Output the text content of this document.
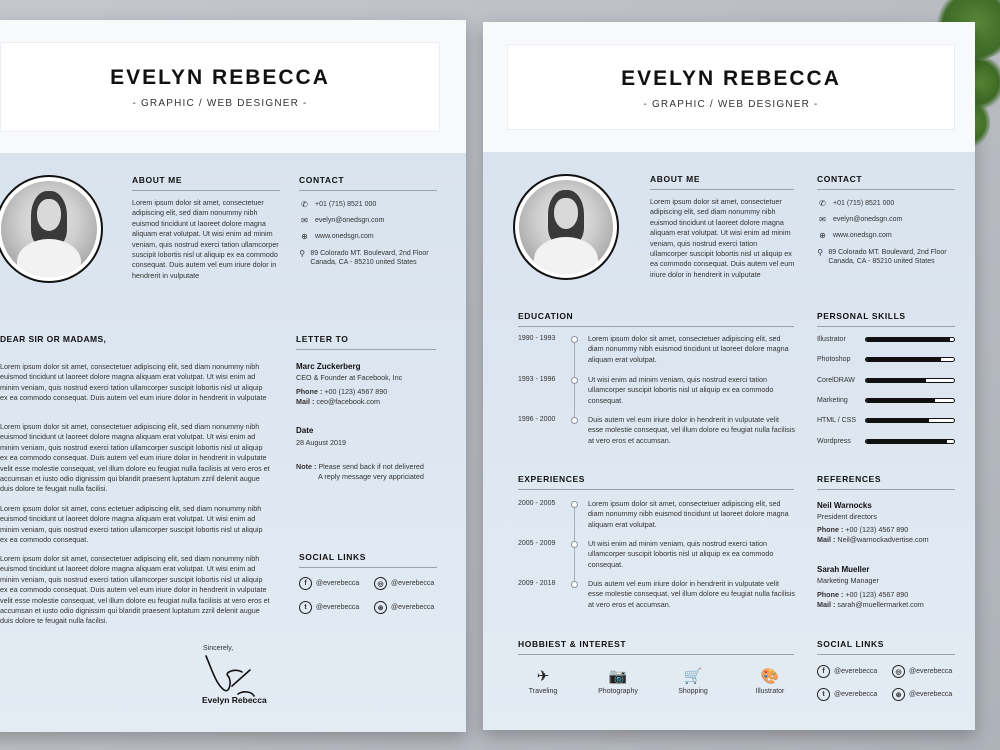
EVELYN REBECCA
- GRAPHIC / WEB DESIGNER -
ABOUT ME
Lorem ipsum dolor sit amet, consectetuer adipiscing elit, sed diam nonummy nibh euismod tincidunt ut laoreet dolore magna aliquam erat volutpat. Ut wisi enim ad minim veniam, quis nostrud exerci tation ullamcorper suscipit lobortis nisl ut aliquip ex ea commodo consequat. Duis autem vel eum iriure dolor in hendrerit in vulputate
CONTACT
✆	+01 (715) 8521 000
✉	evelyn@onedsgn.com
⊕	www.onedsgn.com
⚲ 89 Colorado MT. Boulevard, 2nd Floor Canada, CA - 85210 united States
DEAR SIR OR MADAMS,
Lorem ipsum dolor sit amet, consectetuer adipiscing elit, sed diam nonummy nibh euismod tincidunt ut laoreet dolore magna aliquam erat volutpat. Ut wisi enim ad minim veniam, quis nostrud exerci tation ullamcorper suscipit lobortis nisl ut aliquip ex ea commodo consequat. Duis autem vel eum iriure dolor in hendrerit in vulputate
Lorem ipsum dolor sit amet, consectetuer adipiscing elit, sed diam nonummy nibh euismod tincidunt ut laoreet dolore magna aliquam erat volutpat. Ut wisi enim ad minim veniam, quis nostrud exerci tation ullamcorper suscipit lobortis nisl ut aliquip ex ea commodo consequat. Duis autem vel eum iriure dolor in hendrerit in vulputate velit esse molestie consequat, vel illum dolore eu feugiat nulla facilisis at vero eros et accumsan et iusto odio dignissim qui blandit praesent luptatum zzril delenit augue duis dolore te feugait nulla facilisi.
Lorem ipsum dolor sit amet, cons ectetuer adipiscing elit, sed diam nonummy nibh euismod tincidunt ut laoreet dolore magna aliquam erat volutpat. Ut wisi enim ad minim veniam, quis nostrud exerci tation ullamcorper suscipit lobortis nisl ut aliquip ex ea commodo consequat.
Lorem ipsum dolor sit amet, consectetuer adipiscing elit, sed diam nonummy nibh euismod tincidunt ut laoreet dolore magna aliquam erat volutpat. Ut wisi enim ad minim veniam, quis nostrud exerci tation ullamcorper suscipit lobortis nisl ut aliquip ex ea commodo consequat. Duis autem vel eum iriure dolor in hendrerit in vulputate velit esse molestie consequat, vel illum dolore eu feugiat nulla facilisis at vero eros et accumsan et iusto odio dignissim qui blandit praesent luptatum zzril delenit augue duis dolore te feugait nulla facilisi.
LETTER TO
Marc Zuckerberg
CEO & Founder at Facebook, Inc
Phone : +00 (123) 4567 890
Mail : ceo@facebook.com
Date
28 August 2019
Note : Please send back if not delivered
A reply message very appriciated
SOCIAL LINKS
f	@everebecca	◎	@everebecca
t	@everebecca	⊛	@everebecca
Sincerely,
Evelyn Rebecca
EVELYN REBECCA
- GRAPHIC / WEB DESIGNER -
ABOUT ME
Lorem ipsum dolor sit amet, consectetuer adipiscing elit, sed diam nonummy nibh euismod tincidunt ut laoreet dolore magna aliquam erat volutpat. Ut wisi enim ad minim veniam, quis nostrud exerci tation ullamcorper suscipit lobortis nisl ut aliquip ex ea commodo consequat. Duis autem vel eum iriure dolor in hendrerit in vulputate
CONTACT
✆	+01 (715) 8521 000
✉	evelyn@onedsgn.com
⊕	www.onedsgn.com
⚲ 89 Colorado MT. Boulevard, 2nd Floor Canada, CA - 85210 united States
EDUCATION
1990 - 1993	Lorem ipsum dolor sit amet, consectetuer adipiscing elit, sed diam nonummy nibh euismod tincidunt ut laoreet dolore magna aliquam erat volutpat.
1993 - 1996	Ut wisi enim ad minim veniam, quis nostrud exerci tation ullamcorper suscipit lobortis nisl ut aliquip ex ea commodo consequat.
1996 - 2000	Duis autem vel eum iriure dolor in hendrerit in vulputate velit esse molestie consequat, vel illum dolore eu feugiat nulla facilisis at vero eros et accumsan.
PERSONAL SKILLS
Illustrator
Photoshop
CorelDRAW
Marketing
HTML / CSS
Wordpress
EXPERIENCES
2000 - 2005	Lorem ipsum dolor sit amet, consectetuer adipiscing elit, sed diam nonummy nibh euismod tincidunt ut laoreet dolore magna aliquam erat volutpat.
2005 - 2009	Ut wisi enim ad minim veniam, quis nostrud exerci tation ullamcorper suscipit lobortis nisl ut aliquip ex ea commodo consequat.
2009 - 2018	Duis autem vel eum iriure dolor in hendrerit in vulputate velit esse molestie consequat, vel illum dolore eu feugiat nulla facilisis at vero eros et accumsan.
REFERENCES
Neil Warnocks
President directors
Phone : +00 (123) 4567 890
Mail : Neil@warnockadvertise.com
Sarah Mueller
Marketing Manager
Phone : +00 (123) 4567 890
Mail : sarah@muellermarket.com
HOBBIEST & INTEREST
✈
Traveling
📷
Photography
🛒
Shopping
🎨
Illustrator
SOCIAL LINKS
f	@everebecca	◎	@everebecca
t	@everebecca	⊛	@everebecca
